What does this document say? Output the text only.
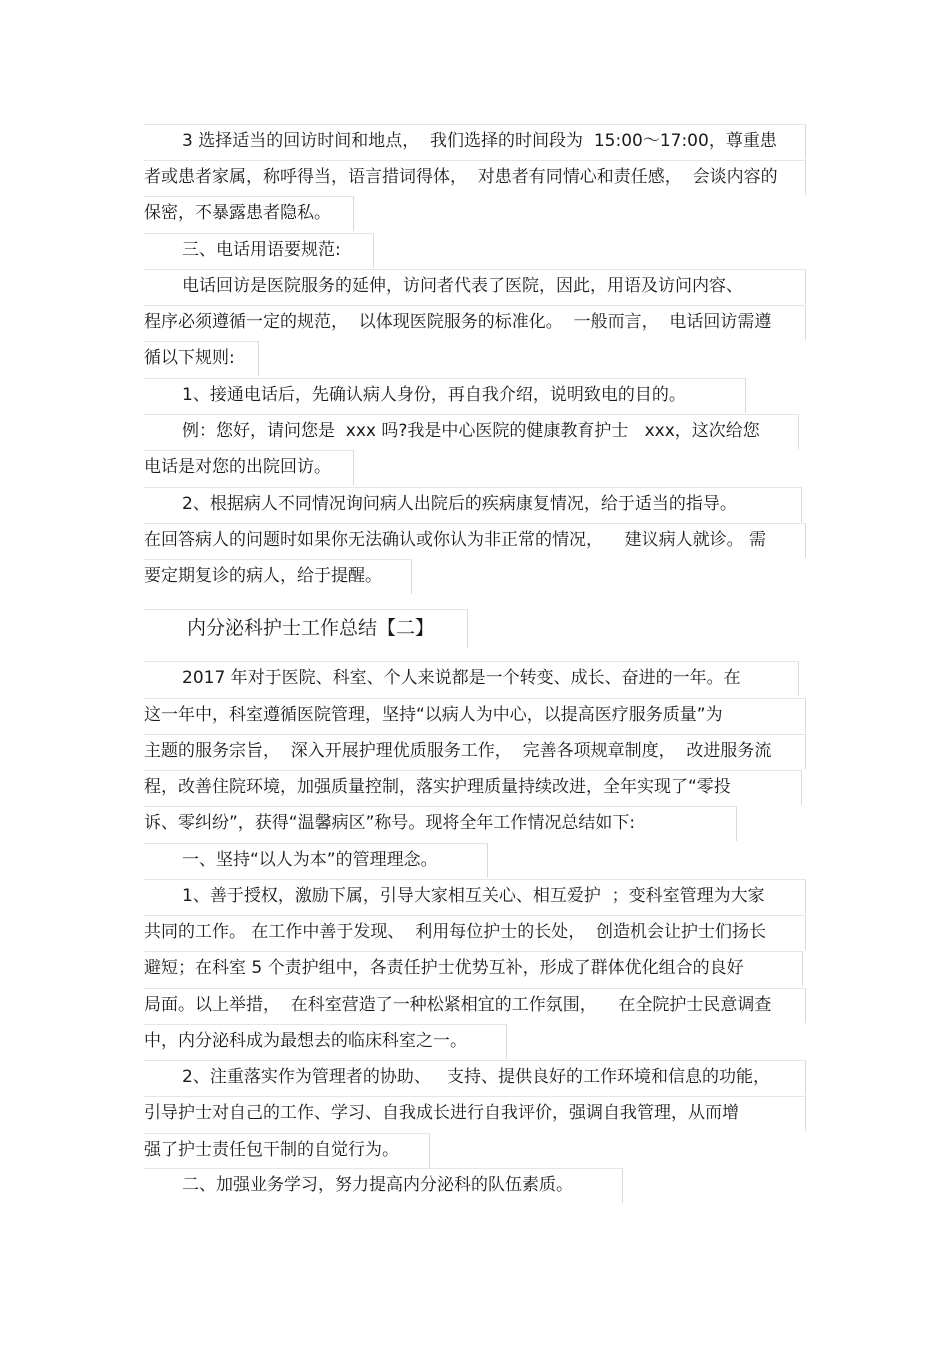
3 选择适当的回访时间和地点，  我们选择的时间段为  15:00～17:00，尊重患
者或患者家属，称呼得当，语言措词得体，  对患者有同情心和责任感，  会谈内容的
保密，不暴露患者隐私。
三、电话用语要规范:
电话回访是医院服务的延伸，访问者代表了医院，因此，用语及访问内容、
程序必须遵循一定的规范，  以体现医院服务的标准化。  一般而言，  电话回访需遵
循以下规则:
1、接通电话后，先确认病人身份，再自我介绍，说明致电的目的。
例：您好，请问您是  xxx 吗?我是中心医院的健康教育护士   xxx，这次给您
电话是对您的出院回访。
2、根据病人不同情况询问病人出院后的疾病康复情况，给于适当的指导。
在回答病人的问题时如果你无法确认或你认为非正常的情况，    建议病人就诊。 需
要定期复诊的病人，给于提醒。
内分泌科护士工作总结【二】
2017 年对于医院、科室、个人来说都是一个转变、成长、奋进的一年。在
这一年中，科室遵循医院管理，坚持“以病人为中心，以提高医疗服务质量”为
主题的服务宗旨，  深入开展护理优质服务工作，  完善各项规章制度，  改进服务流
程，改善住院环境，加强质量控制，落实护理质量持续改进，全年实现了“零投
诉、零纠纷”，获得“温馨病区”称号。现将全年工作情况总结如下:
一、坚持“以人为本”的管理理念。
1、善于授权，激励下属，引导大家相互关心、相互爱护  ；变科室管理为大家
共同的工作。 在工作中善于发现、  利用每位护士的长处，  创造机会让护士们扬长
避短；在科室 5 个责护组中，各责任护士优势互补，形成了群体优化组合的良好
局面。以上举措，  在科室营造了一种松紧相宜的工作氛围，    在全院护士民意调查
中，内分泌科成为最想去的临床科室之一。
2、注重落实作为管理者的协助、   支持、提供良好的工作环境和信息的功能，
引导护士对自己的工作、学习、自我成长进行自我评价，强调自我管理，从而增
强了护士责任包干制的自觉行为。
二、加强业务学习，努力提高内分泌科的队伍素质。
